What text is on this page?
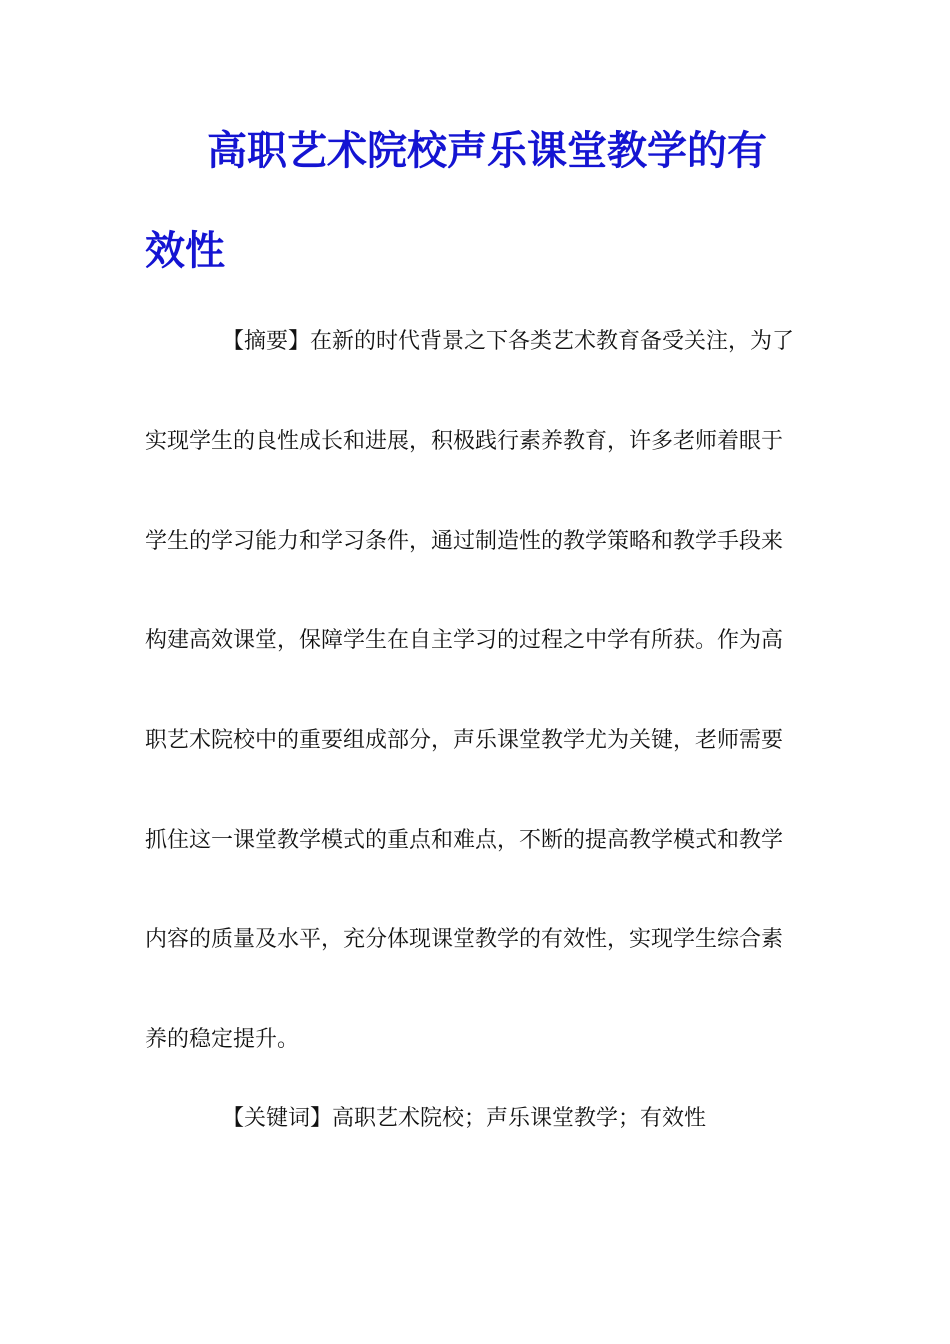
高职艺术院校声乐课堂教学的有
效性
【摘要】在新的时代背景之下各类艺术教育备受关注，为了
实现学生的良性成长和进展，积极践行素养教育，许多老师着眼于
学生的学习能力和学习条件，通过制造性的教学策略和教学手段来
构建高效课堂，保障学生在自主学习的过程之中学有所获。作为高
职艺术院校中的重要组成部分，声乐课堂教学尤为关键，老师需要
抓住这一课堂教学模式的重点和难点，不断的提高教学模式和教学
内容的质量及水平，充分体现课堂教学的有效性，实现学生综合素
养的稳定提升。
【关键词】高职艺术院校；声乐课堂教学；有效性
